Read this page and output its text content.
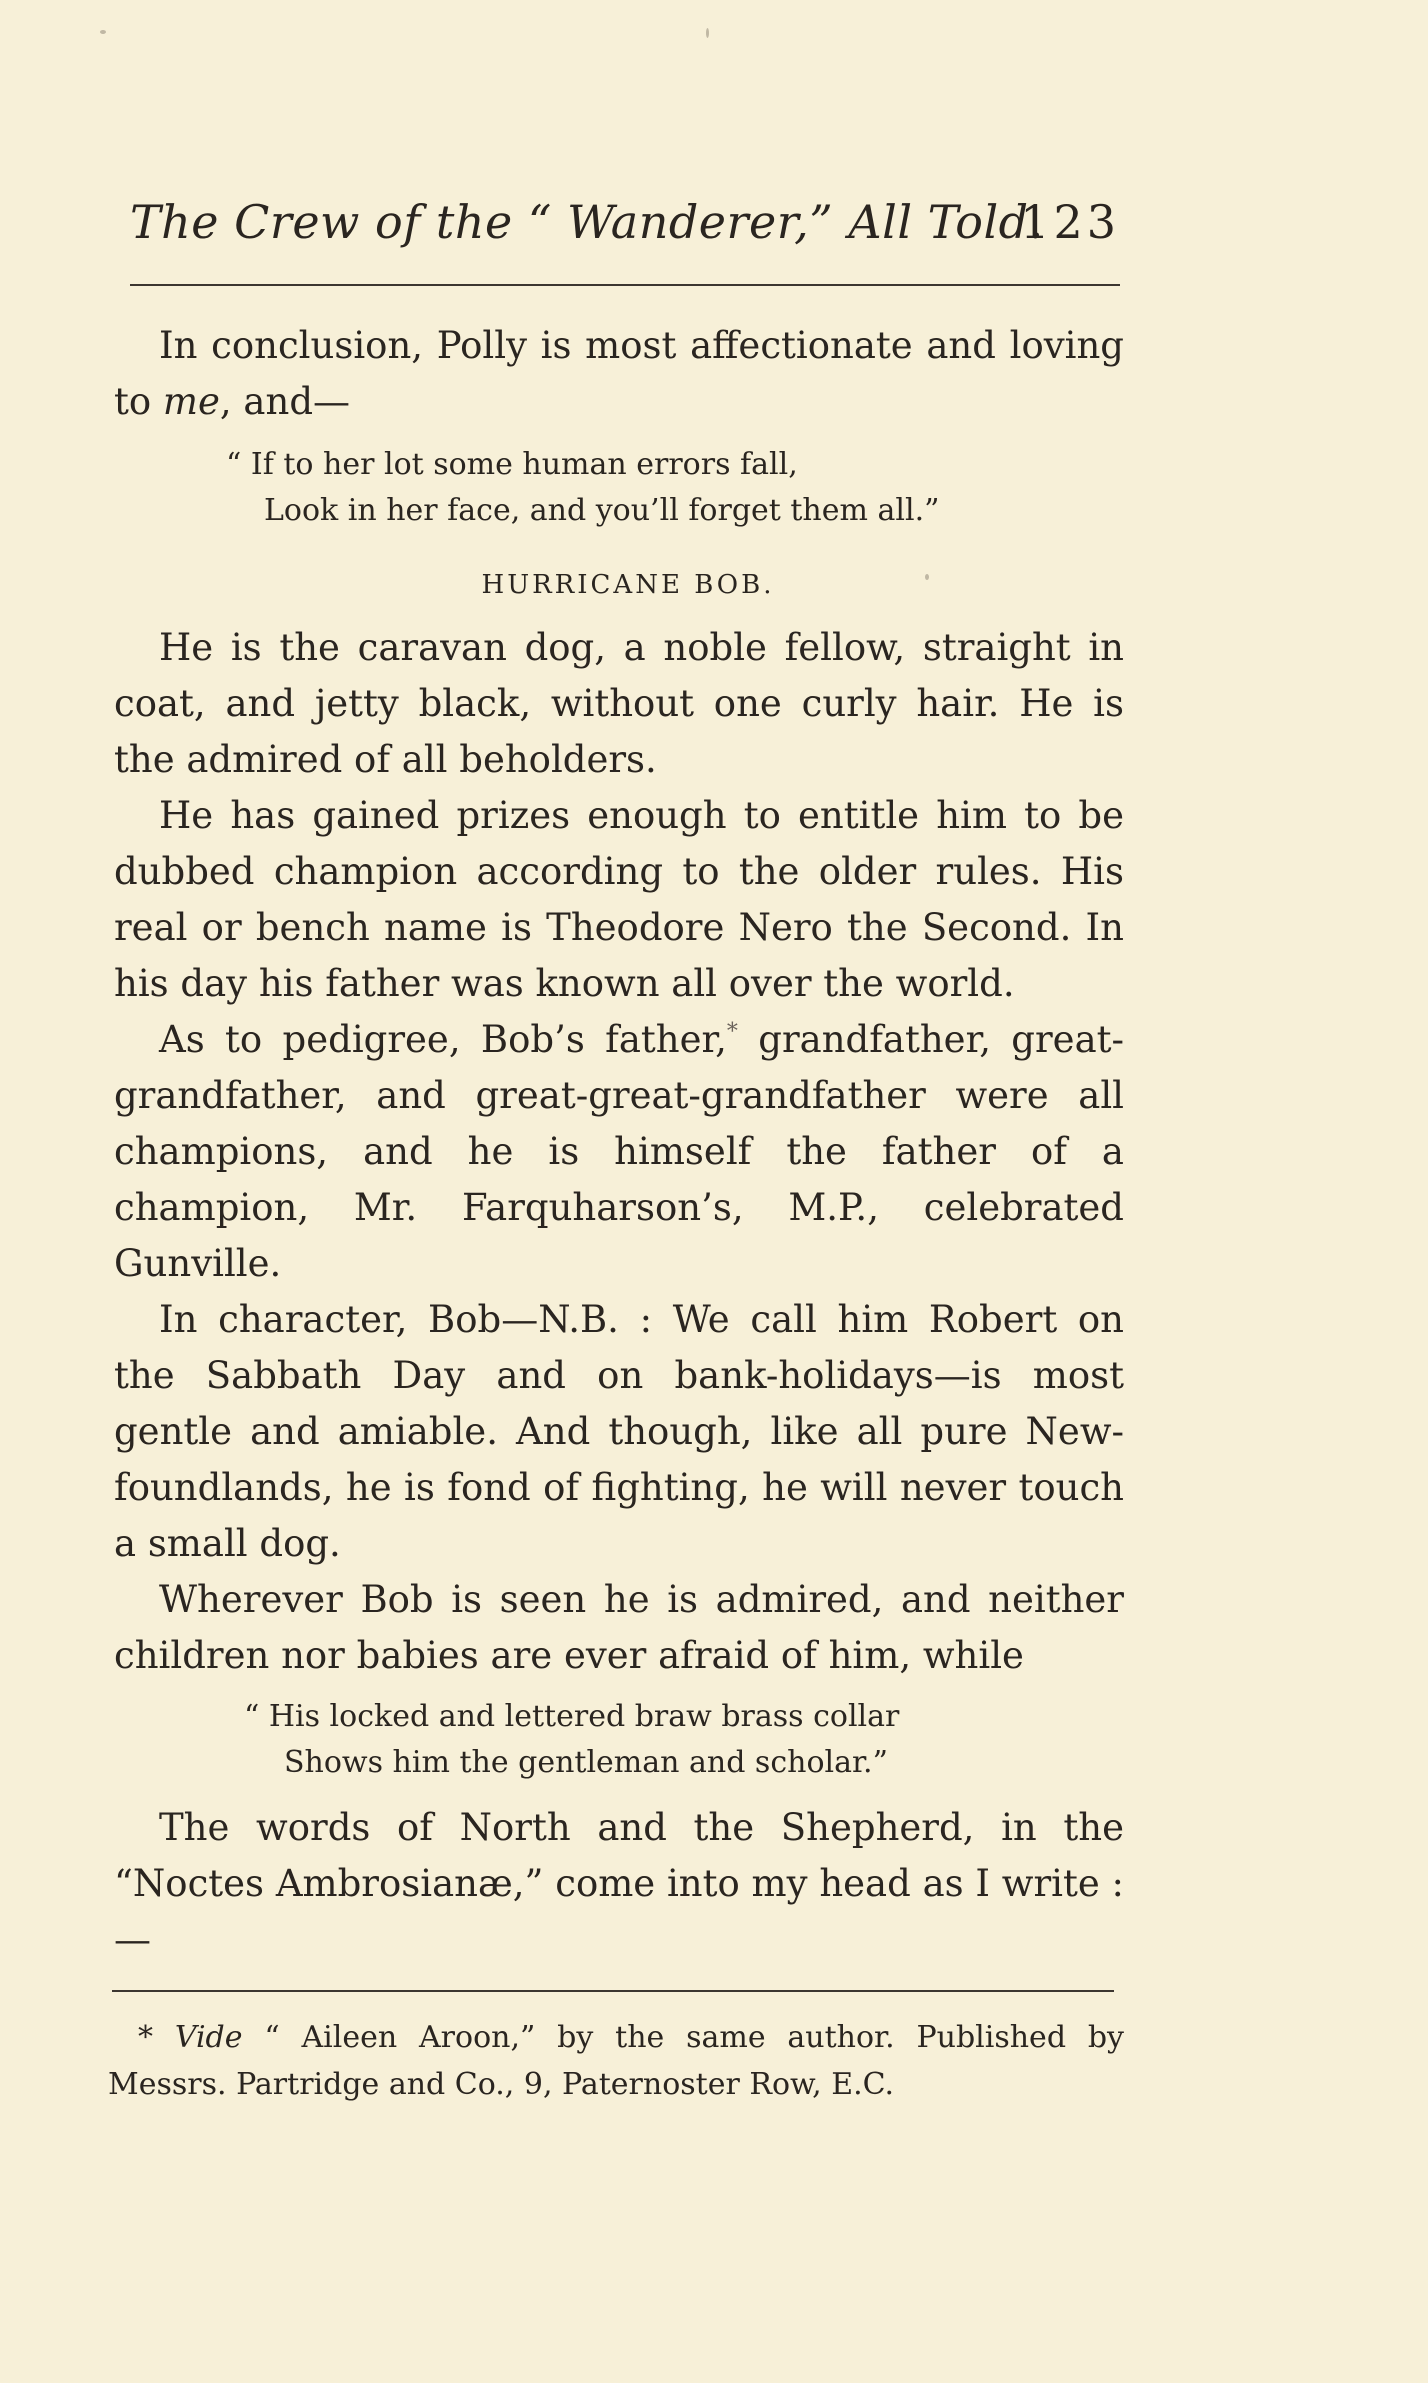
The Crew of the “ Wanderer,” All Told.
123

In conclusion, Polly is most affectionate and loving to me, and—

“ If to her lot some human errors fall,
Look in her face, and you’ll forget them all.”
HURRICANE BOB.

He is the caravan dog, a noble fellow, straight in coat, and jetty black, without one curly hair. He is the admired of all beholders.

He has gained prizes enough to entitle him to be dubbed champion according to the older rules. His real or bench name is Theodore Nero the Second. In his day his father was known all over the world.

As to pedigree, Bob’s father,* grandfather, great-grandfather, and great-great-grandfather were all champions, and he is himself the father of a champion, Mr. Farquharson’s, M.P., celebrated Gunville.

In character, Bob—N.B. : We call him Robert on the Sabbath Day and on bank-holidays—is most gentle and amiable. And though, like all pure New-foundlands, he is fond of fighting, he will never touch a small dog.

Wherever Bob is seen he is admired, and neither children nor babies are ever afraid of him, while

“ His locked and lettered braw brass collar
Shows him the gentleman and scholar.”

The words of North and the Shepherd, in the “Noctes Ambrosianæ,” come into my head as I write :—

* Vide “ Aileen Aroon,” by the same author. Published by Messrs. Partridge and Co., 9, Paternoster Row, E.C.
